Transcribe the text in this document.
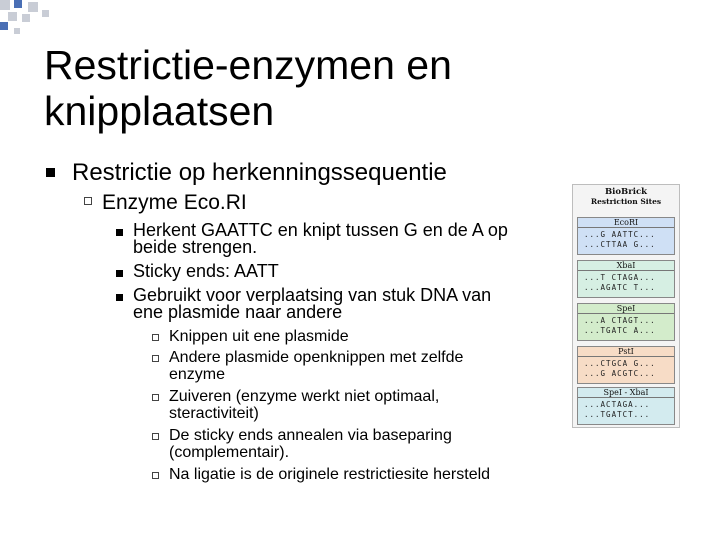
Restrictie-enzymen en
knipplaatsen
Restrictie op herkenningssequentie
Enzyme Eco.RI
Herkent GAATTC en knipt tussen G en de A op
beide strengen.
Sticky ends: AATT
Gebruikt voor verplaatsing van stuk DNA van
ene plasmide naar andere
Knippen uit ene plasmide
Andere plasmide openknippen met zelfde
enzyme
Zuiveren (enzyme werkt niet optimaal,
steractiviteit)
De sticky ends annealen via baseparing
(complementair).
Na ligatie is de originele restrictiesite hersteld
BioBrick
Restriction Sites
EcoRI
...G AATTC...
...CTTAA G...
XbaI
...T CTAGA...
...AGATC T...
SpeI
...A CTAGT...
...TGATC A...
PstI
...CTGCA G...
...G ACGTC...
SpeI - XbaI
...ACTAGA...
...TGATCT...
